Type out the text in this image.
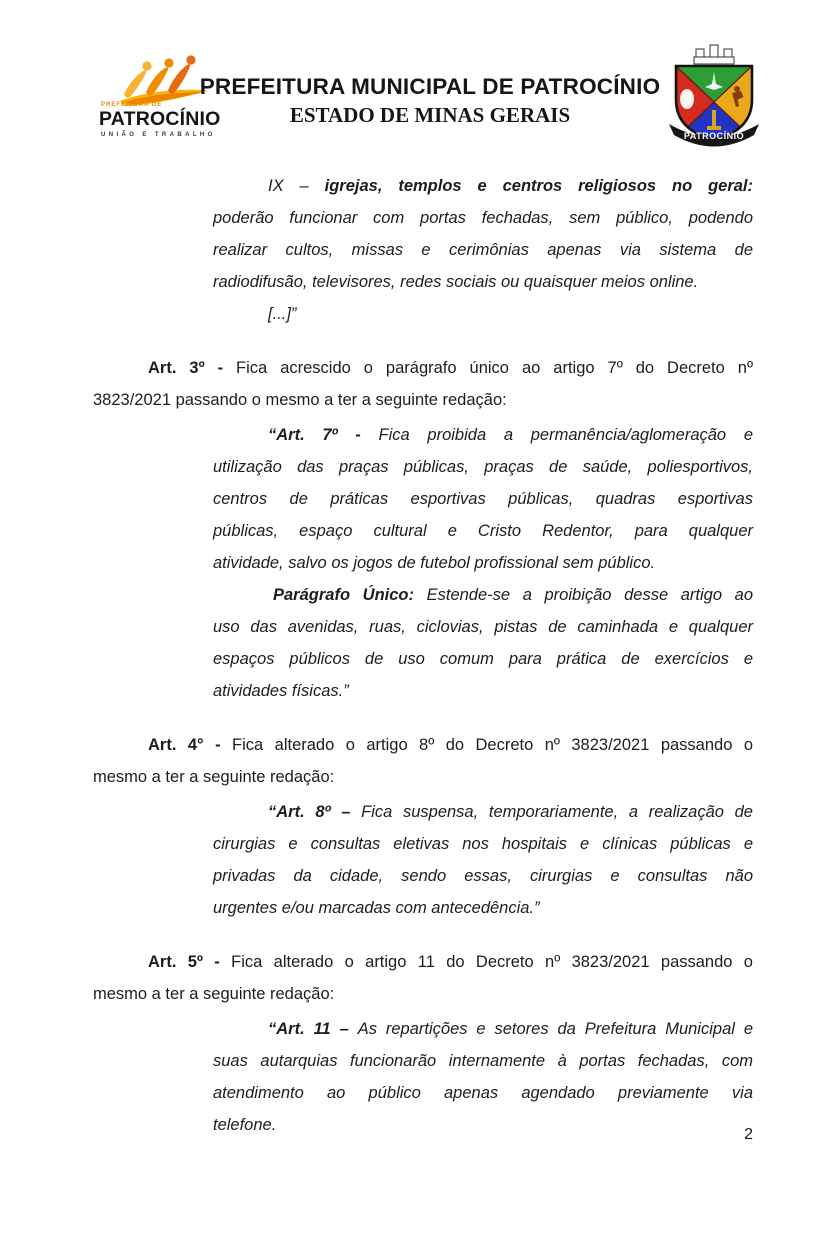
PREFEITURA DE
PATROCÍNIO
UNIÃO E TRABALHO
PREFEITURA MUNICIPAL DE PATROCÍNIO
ESTADO DE MINAS GERAIS
PATROCÍNIO
IX – igrejas, templos e centros religiosos no geral:
poderão funcionar com portas fechadas, sem público, podendo
realizar cultos, missas e cerimônias apenas via sistema de
radiodifusão, televisores, redes sociais ou quaisquer meios online.
[...]”
Art. 3º - Fica acrescido o parágrafo único ao artigo 7º do Decreto nº
3823/2021 passando o mesmo a ter a seguinte redação:
“Art. 7º - Fica proibida a permanência/aglomeração e
utilização das praças públicas, praças de saúde, poliesportivos,
centros de práticas esportivas públicas, quadras esportivas
públicas, espaço cultural e Cristo Redentor, para qualquer
atividade, salvo os jogos de futebol profissional sem público.
Parágrafo Único: Estende-se a proibição desse artigo ao
uso das avenidas, ruas, ciclovias, pistas de caminhada e qualquer
espaços públicos de uso comum para prática de exercícios e
atividades físicas.”
Art. 4° - Fica alterado o artigo 8º do Decreto nº 3823/2021 passando o
mesmo a ter a seguinte redação:
“Art. 8º – Fica suspensa, temporariamente, a realização de
cirurgias e consultas eletivas nos hospitais e clínicas públicas e
privadas da cidade, sendo essas, cirurgias e consultas não
urgentes e/ou marcadas com antecedência.”
Art. 5º - Fica alterado o artigo 11 do Decreto nº 3823/2021 passando o
mesmo a ter a seguinte redação:
“Art. 11 – As repartições e setores da Prefeitura Municipal e
suas autarquias funcionarão internamente à portas fechadas, com
atendimento ao público apenas agendado previamente via
telefone.
2
